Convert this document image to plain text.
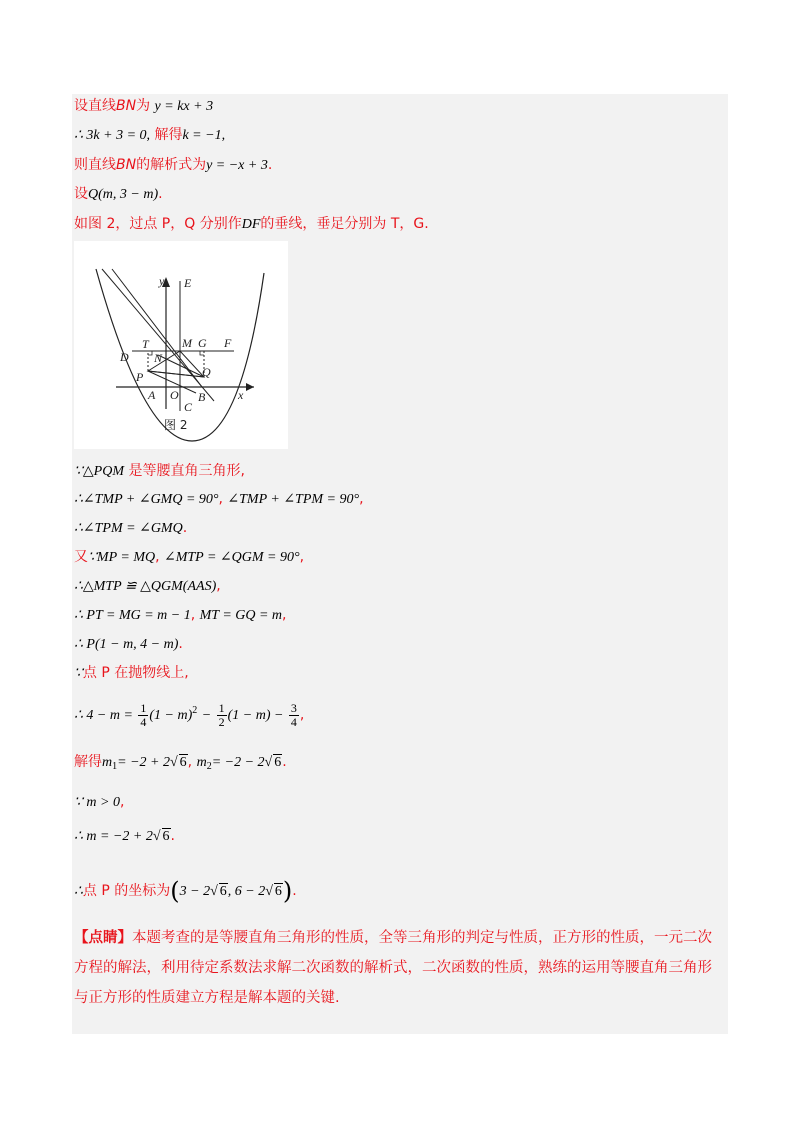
设直线BN为 y = kx + 3
∴ 3k + 3 = 0, 解得k = −1,
则直线BN的解析式为y = −x + 3.
设Q(m, 3 − m).
如图 2，过点 P，Q 分别作DF的垂线，垂足分别为 T，G.
y E
M G F
T
N
D
Q
P
A O B
C
x
图 2
∵△PQM 是等腰直角三角形,
∴∠TMP + ∠GMQ = 90°, ∠TMP + ∠TPM = 90°,
∴∠TPM = ∠GMQ.
又∵MP = MQ, ∠MTP = ∠QGM = 90°,
∴△MTP ≌ △QGM(AAS),
∴ PT = MG = m − 1, MT = GQ = m,
∴ P(1 − m, 4 − m).
∵点 P 在抛物线上,
∴ $4 - m = \frac{1}{4} (1 - m)^2 - \frac{1}{2} (1 - m) - \frac{3}{4}$ ,
解得$m_1= -2 + 2√$ 6, $m_2= -2 - 2√$ 6.
∵ m > 0,
∴ m = −2 + 2√ 6.
∴点 P 的坐标为(3 − 2√ 6, 6 − 2√ 6).
【点睛】本题考查的是等腰直角三角形的性质，全等三角形的判定与性质，正方形的性质，一元二次方程的解法，利用待定系数法求解二次函数的解析式，二次函数的性质，熟练的运用等腰直角三角形与正方形的性质建立方程是解本题的关键.
